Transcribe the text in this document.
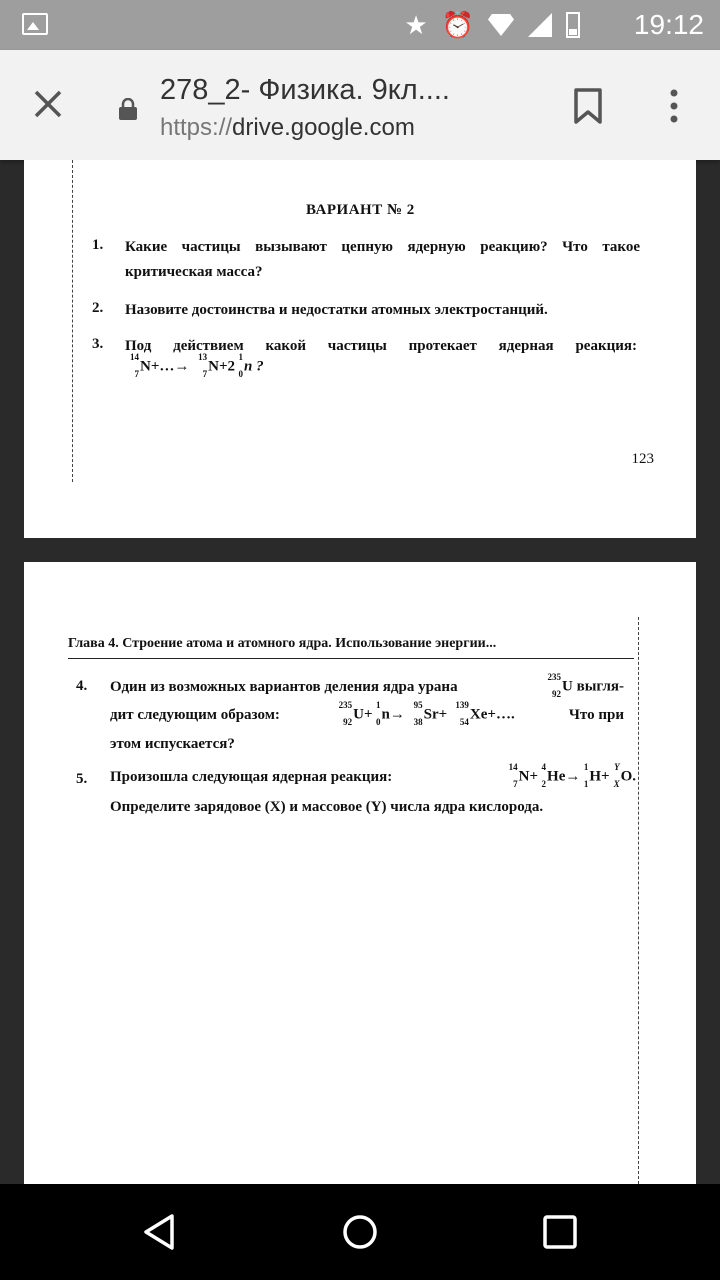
★ ⏰	19:12
278_2- Физика. 9кл....
https://drive.google.com
ВАРИАНТ № 2
1. Какие частицы вызывают цепную ядерную реакцию? Что такое
критическая масса?
2. Назовите достоинства и недостатки атомных электростанций.
3. Под действием какой частицы протекает ядерная реакция:
14
7 N+…→
13
7 N+2
1
0 n ?
123
Глава 4. Строение атома и атомного ядра. Использование энергии...
4. Один из возможных вариантов деления ядра урана
235
92 U выгля-
дит следующим образом:
235
92 U+
1
0 n→
95
38 Sr+
139
54 Xe+….	Что при
этом испускается?
5. Произошла следующая ядерная реакция:
14
7 N+
4
2 He→
1
1 H+
Y
X O.
Определите зарядовое (X) и массовое (Y) числа ядра кислорода.
